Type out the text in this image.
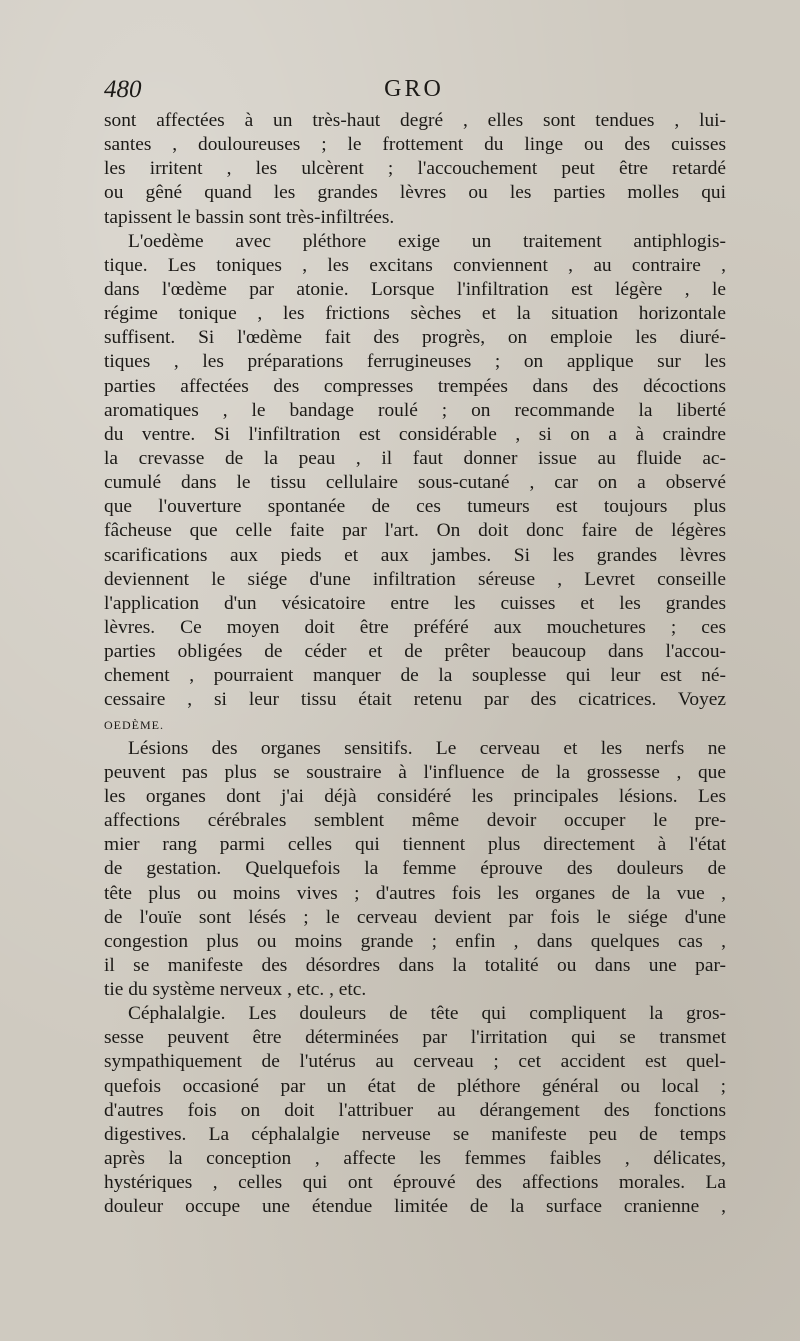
480	GRO
sont affectées à un très-haut degré , elles sont tendues , lui-
santes , douloureuses ; le frottement du linge ou des cuisses
les irritent , les ulcèrent ; l'accouchement peut être retardé
ou gêné quand les grandes lèvres ou les parties molles qui
tapissent le bassin sont très-infiltrées.
L'oedème avec pléthore exige un traitement antiphlogis-
tique. Les toniques , les excitans conviennent , au contraire ,
dans l'œdème par atonie. Lorsque l'infiltration est légère , le
régime tonique , les frictions sèches et la situation horizontale
suffisent. Si l'œdème fait des progrès, on emploie les diuré-
tiques , les préparations ferrugineuses ; on applique sur les
parties affectées des compresses trempées dans des décoctions
aromatiques , le bandage roulé ; on recommande la liberté
du ventre. Si l'infiltration est considérable , si on a à craindre
la crevasse de la peau , il faut donner issue au fluide ac-
cumulé dans le tissu cellulaire sous-cutané , car on a observé
que l'ouverture spontanée de ces tumeurs est toujours plus
fâcheuse que celle faite par l'art. On doit donc faire de légères
scarifications aux pieds et aux jambes. Si les grandes lèvres
deviennent le siége d'une infiltration séreuse , Levret conseille
l'application d'un vésicatoire entre les cuisses et les grandes
lèvres. Ce moyen doit être préféré aux mouchetures ; ces
parties obligées de céder et de prêter beaucoup dans l'accou-
chement , pourraient manquer de la souplesse qui leur est né-
cessaire , si leur tissu était retenu par des cicatrices. Voyez
OEDÈME.
Lésions des organes sensitifs. Le cerveau et les nerfs ne
peuvent pas plus se soustraire à l'influence de la grossesse , que
les organes dont j'ai déjà considéré les principales lésions. Les
affections cérébrales semblent même devoir occuper le pre-
mier rang parmi celles qui tiennent plus directement à l'état
de gestation. Quelquefois la femme éprouve des douleurs de
tête plus ou moins vives ; d'autres fois les organes de la vue ,
de l'ouïe sont lésés ; le cerveau devient par fois le siége d'une
congestion plus ou moins grande ; enfin , dans quelques cas ,
il se manifeste des désordres dans la totalité ou dans une par-
tie du système nerveux , etc. , etc.
Céphalalgie. Les douleurs de tête qui compliquent la gros-
sesse peuvent être déterminées par l'irritation qui se transmet
sympathiquement de l'utérus au cerveau ; cet accident est quel-
quefois occasioné par un état de pléthore général ou local ;
d'autres fois on doit l'attribuer au dérangement des fonctions
digestives. La céphalalgie nerveuse se manifeste peu de temps
après la conception , affecte les femmes faibles , délicates,
hystériques , celles qui ont éprouvé des affections morales. La
douleur occupe une étendue limitée de la surface cranienne ,
